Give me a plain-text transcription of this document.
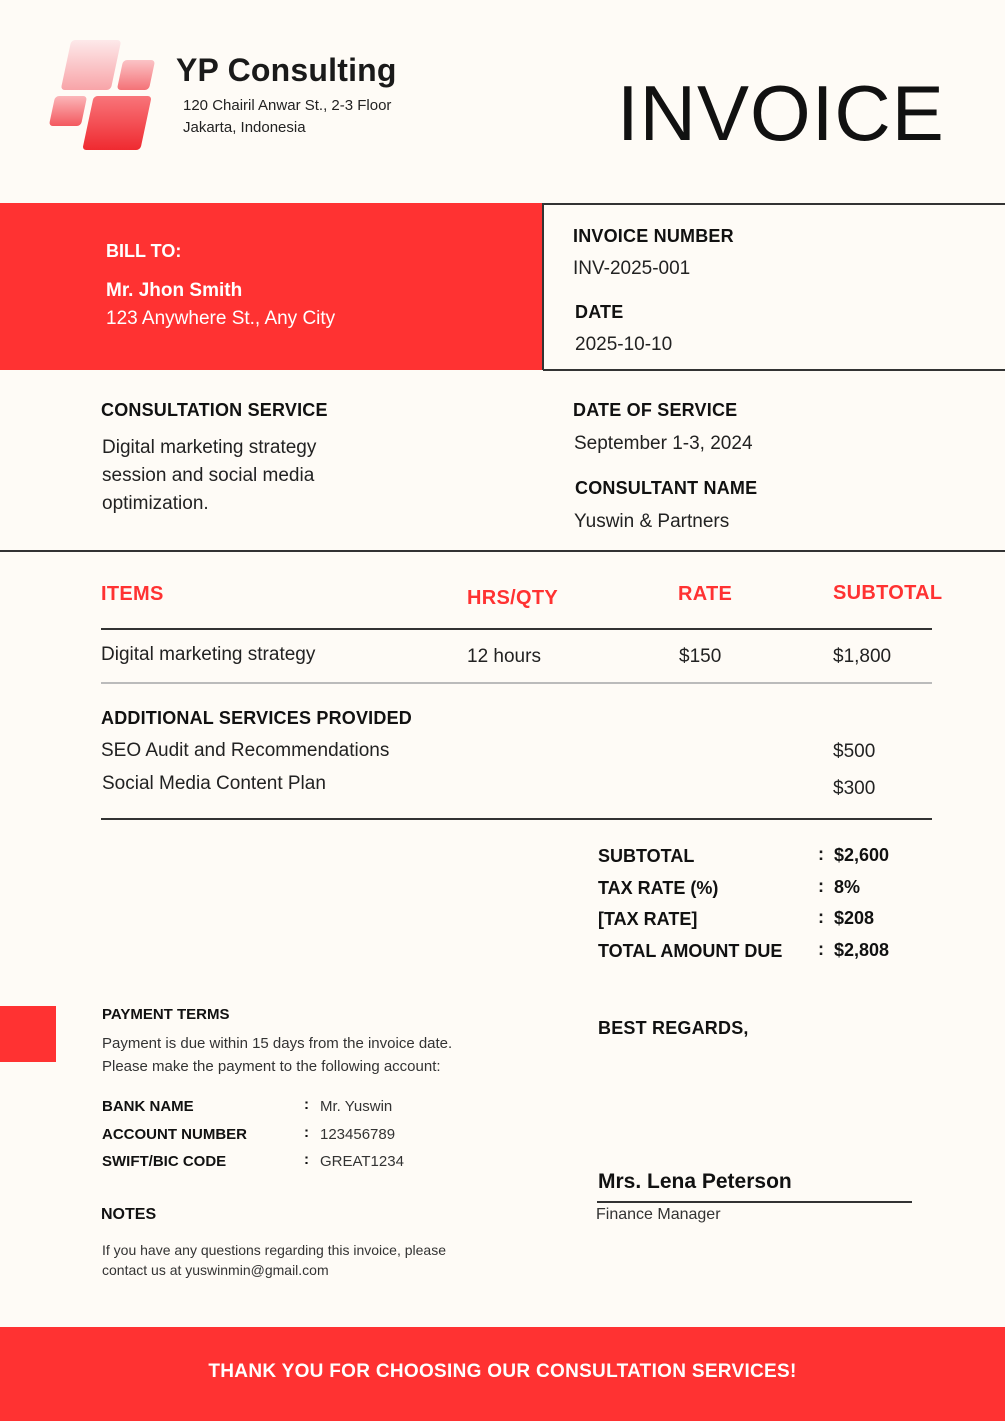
YP Consulting
120 Chairil Anwar St., 2-3 Floor
Jakarta, Indonesia	INVOICE
BILL TO:
Mr. Jhon Smith
123 Anywhere St., Any City
INVOICE NUMBER
INV-2025-001
DATE
2025-10-10
CONSULTATION SERVICE
Digital marketing strategy
session and social media
optimization.
DATE OF SERVICE
September 1-3, 2024
CONSULTANT NAME
Yuswin & Partners
ITEMS	HRS/QTY	RATE	SUBTOTAL
Digital marketing strategy	12 hours	$150	$1,800
ADDITIONAL SERVICES PROVIDED
SEO Audit and Recommendations	$500
Social Media Content Plan	$300
SUBTOTAL	: $2,600
TAX RATE (%)	: 8%
[TAX RATE]	: $208
TOTAL AMOUNT DUE : $2,808
PAYMENT TERMS
Payment is due within 15 days from the invoice date.
Please make the payment to the following account:
BANK NAME	: Mr. Yuswin
ACCOUNT NUMBER	: 123456789
SWIFT/BIC CODE	: GREAT1234
NOTES
If you have any questions regarding this invoice, please
contact us at yuswinmin@gmail.com
BEST REGARDS,
Mrs. Lena Peterson
Finance Manager
THANK YOU FOR CHOOSING OUR CONSULTATION SERVICES!
